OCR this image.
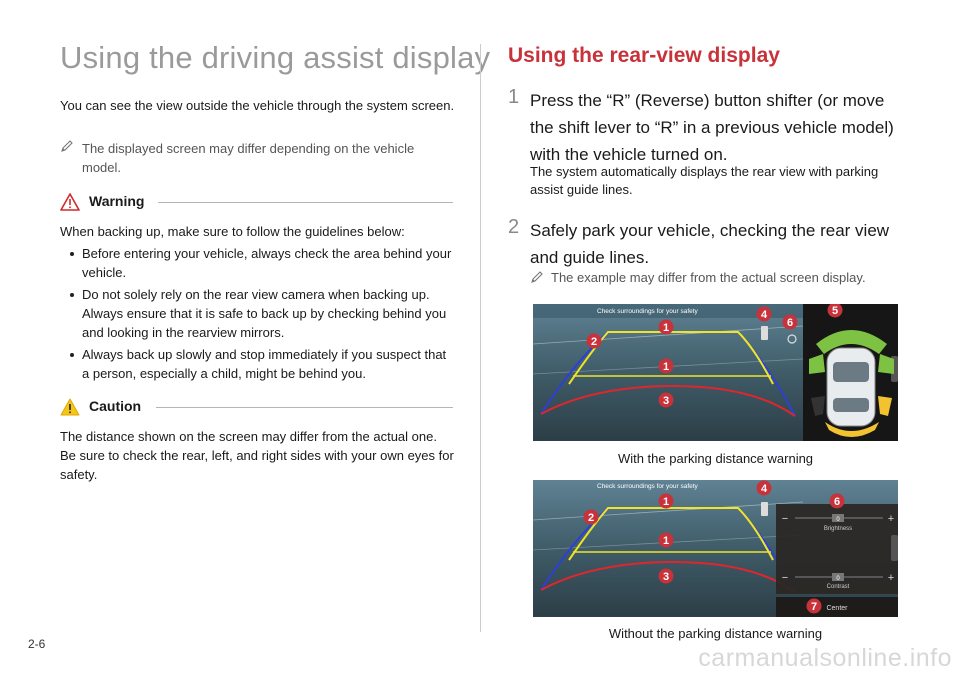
Using the driving assist display
You can see the view outside the vehicle through the system screen.
The displayed screen may differ depending on the vehicle model.
Warning
When backing up, make sure to follow the guidelines below:
Before entering your vehicle, always check the area behind your vehicle.
Do not solely rely on the rear view camera when backing up. Always ensure that it is safe to back up by checking behind you and looking in the rearview mirrors.
Always back up slowly and stop immediately if you suspect that a person, especially a child, might be behind you.
Caution
The distance shown on the screen may differ from the actual one. Be sure to check the rear, left, and right sides with your own eyes for safety.
Using the rear-view display
1 Press the “R” (Reverse) button shifter (or move the shift lever to “R” in a previous vehicle model) with the vehicle turned on.
The system automatically displays the rear view with parking assist guide lines.
2 Safely park your vehicle, checking the rear view and guide lines.
The example may differ from the actual screen display.
Check surroundings for your safety
1
1
2
3
4	5
6
With the parking distance warning
Check surroundings for your safety
−	0	+
Brightness
−	0	+
Contrast
Center
1
1
2
3
4
6
7
Without the parking distance warning
2-6	carmanualsonline.info
